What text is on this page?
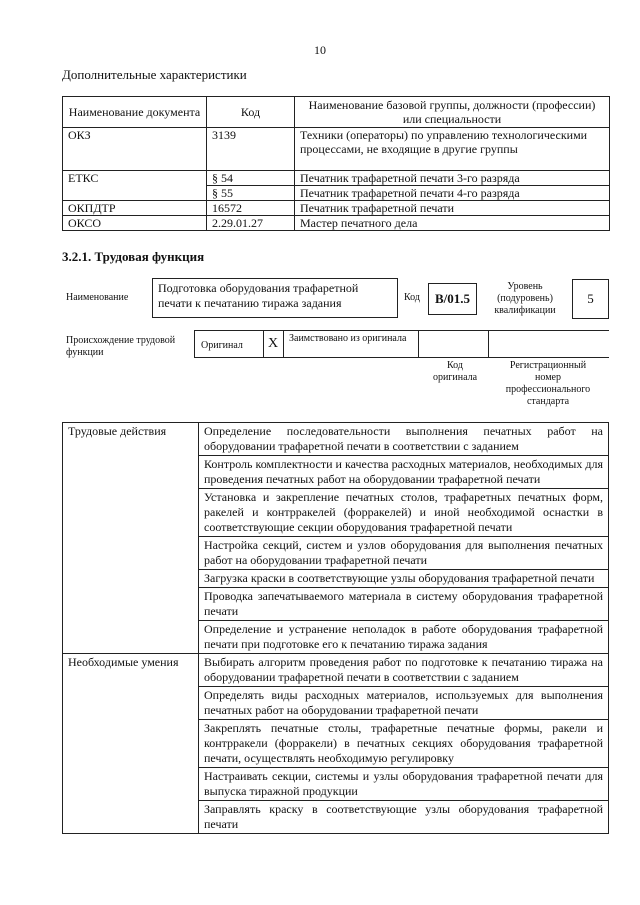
10
Дополнительные характеристики
Наименование документа	Код	Наименование базовой группы, должности (профессии) или специальности
ОКЗ	3139	Техники (операторы) по управлению технологическими процессами, не входящие в другие группы
ЕТКС	§ 54	Печатник трафаретной печати 3-го разряда
	§ 55	Печатник трафаретной печати 4-го разряда
ОКПДТР	16572	Печатник трафаретной печати
ОКСО	2.29.01.27	Мастер печатного дела
3.2.1. Трудовая функция
Наименование
Подготовка оборудования трафаретной печати к печатанию тиража задания	Код	B/01.5
Уровень (подуровень) квалификации
5
Происхождение трудовой функции
Оригинал X Заимствовано из оригинала
Код оригинала
Регистрационный номер профессионального стандарта
Трудовые действия	Определение последовательности выполнения печатных работ на оборудовании трафаретной печати в соответствии с заданием
	Контроль комплектности и качества расходных материалов, необходимых для проведения печатных работ на оборудовании трафаретной печати
	Установка и закрепление печатных столов, трафаретных печатных форм, ракелей и контрракелей (форракелей) и иной необходимой оснастки в соответствующие секции оборудования трафаретной печати
	Настройка секций, систем и узлов оборудования для выполнения печатных работ на оборудовании трафаретной печати
	Загрузка краски в соответствующие узлы оборудования трафаретной печати
	Проводка запечатываемого материала в систему оборудования трафаретной печати
	Определение и устранение неполадок в работе оборудования трафаретной печати при подготовке его к печатанию тиража задания
Необходимые умения	Выбирать алгоритм проведения работ по подготовке к печатанию тиража на оборудовании трафаретной печати в соответствии с заданием
	Определять виды расходных материалов, используемых для выполнения печатных работ на оборудовании трафаретной печати
	Закреплять печатные столы, трафаретные печатные формы, ракели и контрракели (форракели) в печатных секциях оборудования трафаретной печати, осуществлять необходимую регулировку
	Настраивать секции, системы и узлы оборудования трафаретной печати для выпуска тиражной продукции
	Заправлять краску в соответствующие узлы оборудования трафаретной печати
